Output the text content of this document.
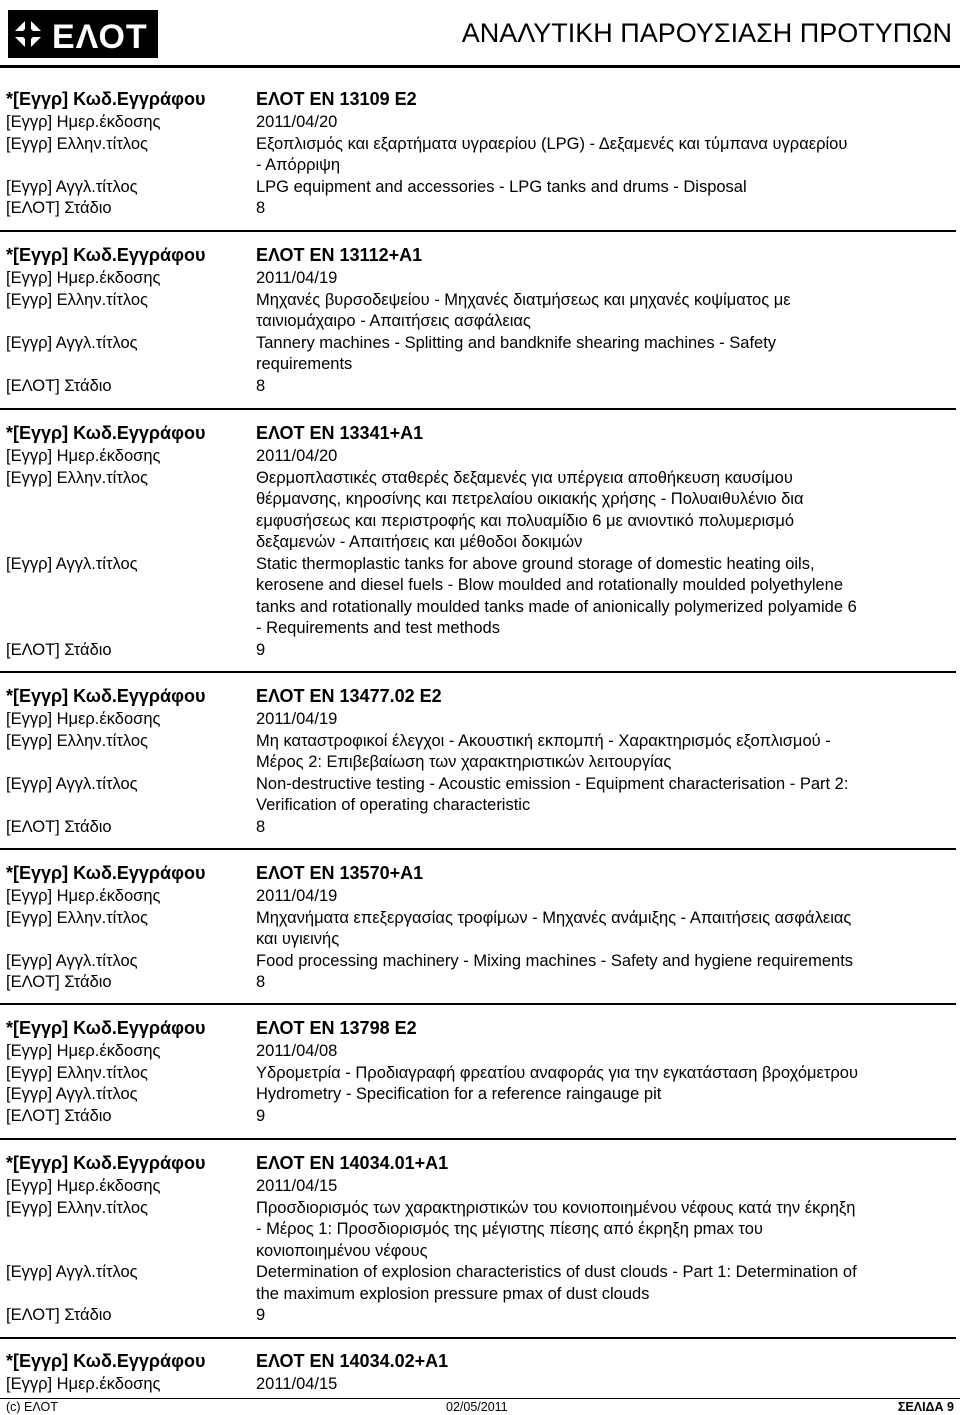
ΕΛΟΤ	ΑΝΑΛΥΤΙΚΗ ΠΑΡΟΥΣΙΑΣΗ ΠΡΟΤΥΠΩΝ
*[Εγγρ] Κωδ.Εγγράφου	ΕΛΟΤ EN 13109 E2
[Εγγρ] Ημερ.έκδοσης	2011/04/20
[Εγγρ] Ελλην.τίτλος	Εξοπλισμός και εξαρτήματα υγραερίου (LPG) - Δεξαμενές και τύμπανα υγραερίου
- Απόρριψη
[Εγγρ] Αγγλ.τίτλος	LPG equipment and accessories - LPG tanks and drums - Disposal
[ΕΛΟΤ] Στάδιο	8
*[Εγγρ] Κωδ.Εγγράφου	ΕΛΟΤ EN 13112+A1
[Εγγρ] Ημερ.έκδοσης	2011/04/19
[Εγγρ] Ελλην.τίτλος	Μηχανές βυρσοδεψείου - Μηχανές διατμήσεως και μηχανές κοψίματος με
ταινιομάχαιρο - Απαιτήσεις ασφάλειας
[Εγγρ] Αγγλ.τίτλος	Tannery machines - Splitting and bandknife shearing machines - Safety
requirements
[ΕΛΟΤ] Στάδιο	8
*[Εγγρ] Κωδ.Εγγράφου	ΕΛΟΤ EN 13341+A1
[Εγγρ] Ημερ.έκδοσης	2011/04/20
[Εγγρ] Ελλην.τίτλος	Θερμοπλαστικές σταθερές δεξαμενές για υπέργεια αποθήκευση καυσίμου
θέρμανσης, κηροσίνης και πετρελαίου οικιακής χρήσης - Πολυαιθυλένιο δια
εμφυσήσεως και περιστροφής και πολυαμίδιο 6 με ανιοντικό πολυμερισμό
δεξαμενών - Απαιτήσεις και μέθοδοι δοκιμών
[Εγγρ] Αγγλ.τίτλος	Static thermoplastic tanks for above ground storage of domestic heating oils,
kerosene and diesel fuels - Blow moulded and rotationally moulded polyethylene
tanks and rotationally moulded tanks made of anionically polymerized polyamide 6
- Requirements and test methods
[ΕΛΟΤ] Στάδιο	9
*[Εγγρ] Κωδ.Εγγράφου	ΕΛΟΤ EN 13477.02 E2
[Εγγρ] Ημερ.έκδοσης	2011/04/19
[Εγγρ] Ελλην.τίτλος	Μη καταστροφικοί έλεγχοι - Ακουστική εκπομπή - Χαρακτηρισμός εξοπλισμού -
Μέρος 2: Επιβεβαίωση των χαρακτηριστικών λειτουργίας
[Εγγρ] Αγγλ.τίτλος	Non-destructive testing - Acoustic emission - Equipment characterisation - Part 2:
Verification of operating characteristic
[ΕΛΟΤ] Στάδιο	8
*[Εγγρ] Κωδ.Εγγράφου	ΕΛΟΤ EN 13570+A1
[Εγγρ] Ημερ.έκδοσης	2011/04/19
[Εγγρ] Ελλην.τίτλος	Μηχανήματα επεξεργασίας τροφίμων - Μηχανές ανάμιξης - Απαιτήσεις ασφάλειας
και υγιεινής
[Εγγρ] Αγγλ.τίτλος	Food processing machinery - Mixing machines - Safety and hygiene requirements
[ΕΛΟΤ] Στάδιο	8
*[Εγγρ] Κωδ.Εγγράφου	ΕΛΟΤ EN 13798 E2
[Εγγρ] Ημερ.έκδοσης	2011/04/08
[Εγγρ] Ελλην.τίτλος	Υδρομετρία - Προδιαγραφή φρεατίου αναφοράς για την εγκατάσταση βροχόμετρου
[Εγγρ] Αγγλ.τίτλος	Hydrometry - Specification for a reference raingauge pit
[ΕΛΟΤ] Στάδιο	9
*[Εγγρ] Κωδ.Εγγράφου	ΕΛΟΤ EN 14034.01+A1
[Εγγρ] Ημερ.έκδοσης	2011/04/15
[Εγγρ] Ελλην.τίτλος	Προσδιορισμός των χαρακτηριστικών του κονιοποιημένου νέφους κατά την έκρηξη
- Μέρος 1: Προσδιορισμός της μέγιστης πίεσης από έκρηξη pmax του
κονιοποιημένου νέφους
[Εγγρ] Αγγλ.τίτλος	Determination of explosion characteristics of dust clouds - Part 1: Determination of
the maximum explosion pressure pmax of dust clouds
[ΕΛΟΤ] Στάδιο	9
*[Εγγρ] Κωδ.Εγγράφου	ΕΛΟΤ EN 14034.02+A1
[Εγγρ] Ημερ.έκδοσης	2011/04/15
(c) ΕΛΟΤ	02/05/2011	ΣΕΛΙΔΑ 9
